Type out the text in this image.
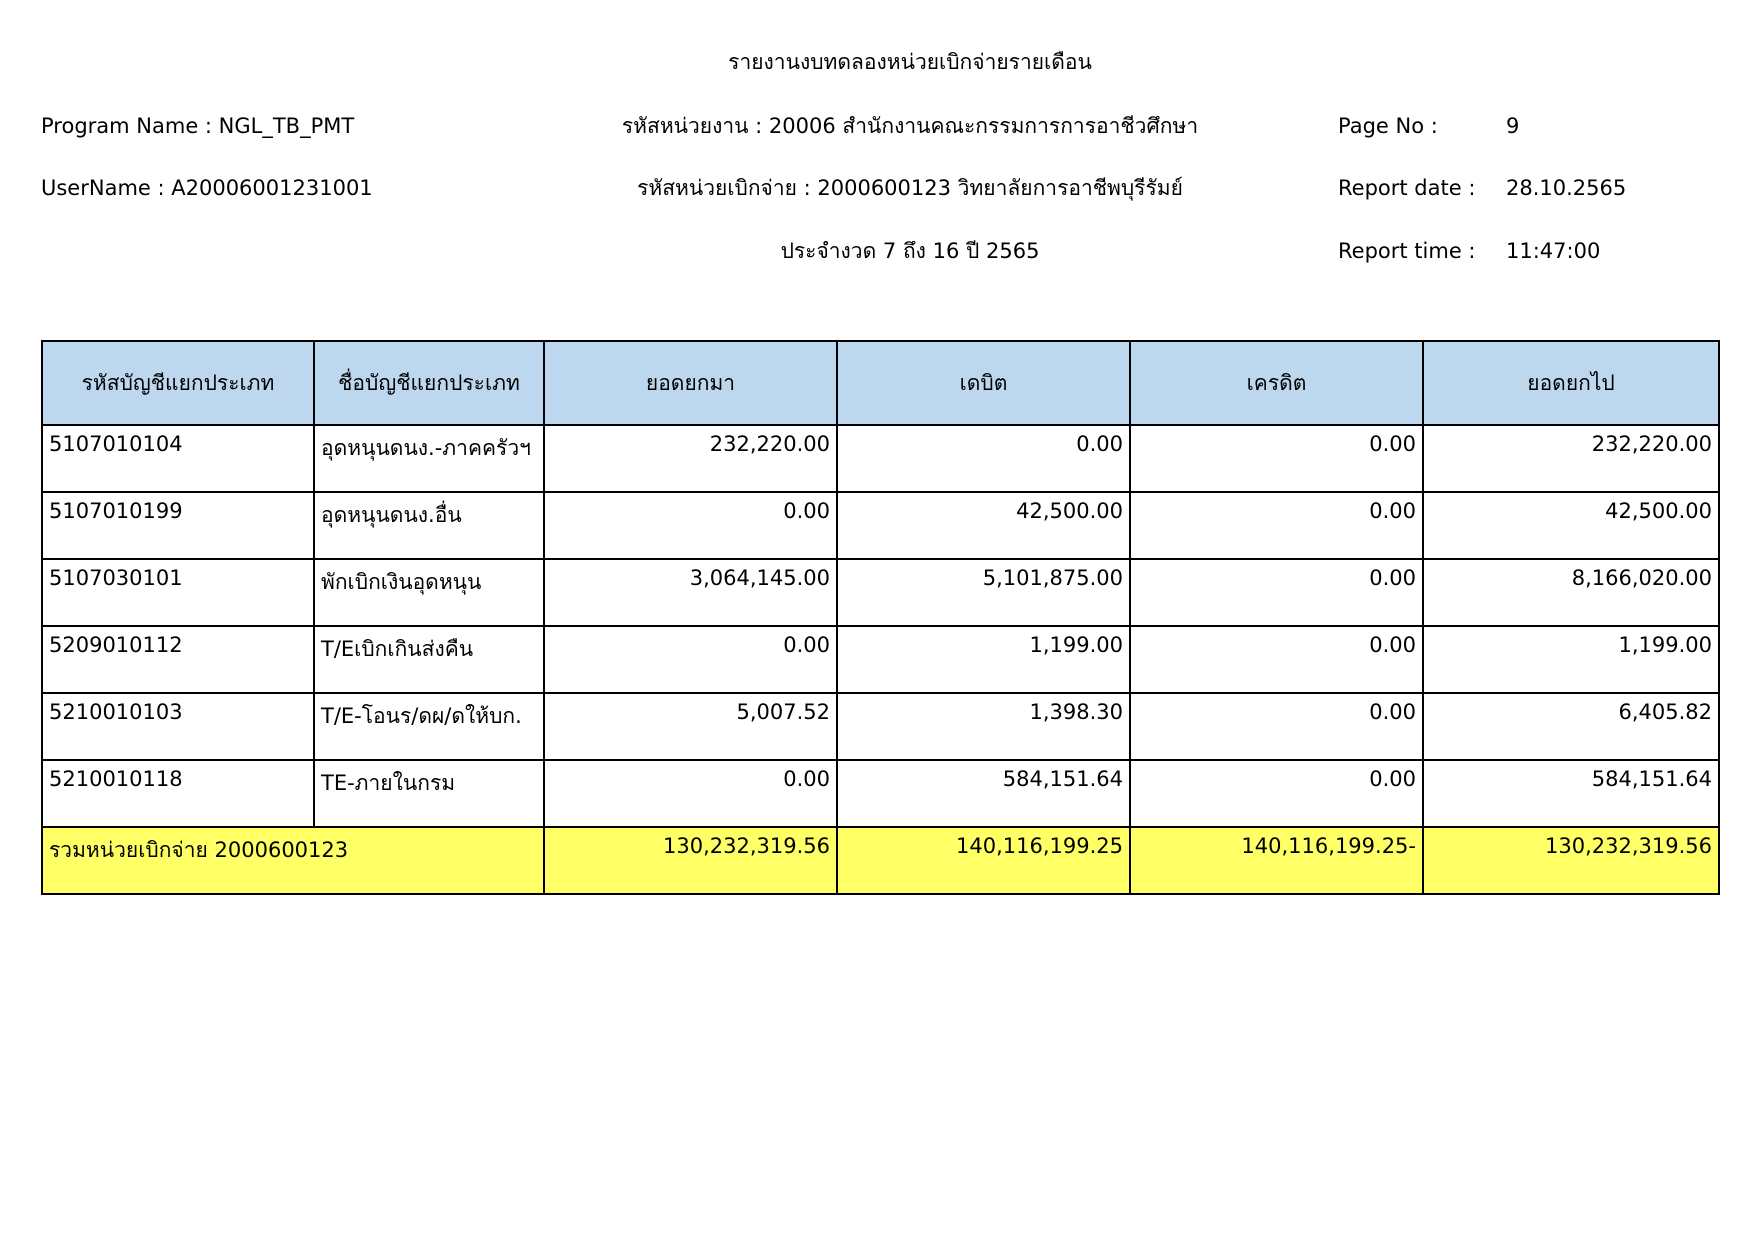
รายงานงบทดลองหน่วยเบิกจ่ายรายเดือน
Program Name : NGL_TB_PMT	รหัสหน่วยงาน : 20006 สำนักงานคณะกรรมการการอาชีวศึกษา	Page No :	9
UserName : A20006001231001	รหัสหน่วยเบิกจ่าย : 2000600123 วิทยาลัยการอาชีพบุรีรัมย์	Report date : 28.10.2565
ประจำงวด 7 ถึง 16 ปี 2565	Report time : 11:47:00
รหัสบัญชีแยกประเภท	ชื่อบัญชีแยกประเภท	ยอดยกมา	เดบิต	เครดิต	ยอดยกไป
5107010104	อุดหนุนดนง.-ภาคครัวฯ	232,220.00	0.00	0.00	232,220.00
5107010199	อุดหนุนดนง.อื่น	0.00	42,500.00	0.00	42,500.00
5107030101	พักเบิกเงินอุดหนุน	3,064,145.00	5,101,875.00	0.00	8,166,020.00
5209010112	T/Eเบิกเกินส่งคืน	0.00	1,199.00	0.00	1,199.00
5210010103	T/E-โอนร/ดผ/ดให้บก.	5,007.52	1,398.30	0.00	6,405.82
5210010118	TE-ภายในกรม	0.00	584,151.64	0.00	584,151.64
รวมหน่วยเบิกจ่าย 2000600123		130,232,319.56	140,116,199.25	140,116,199.25-	130,232,319.56
